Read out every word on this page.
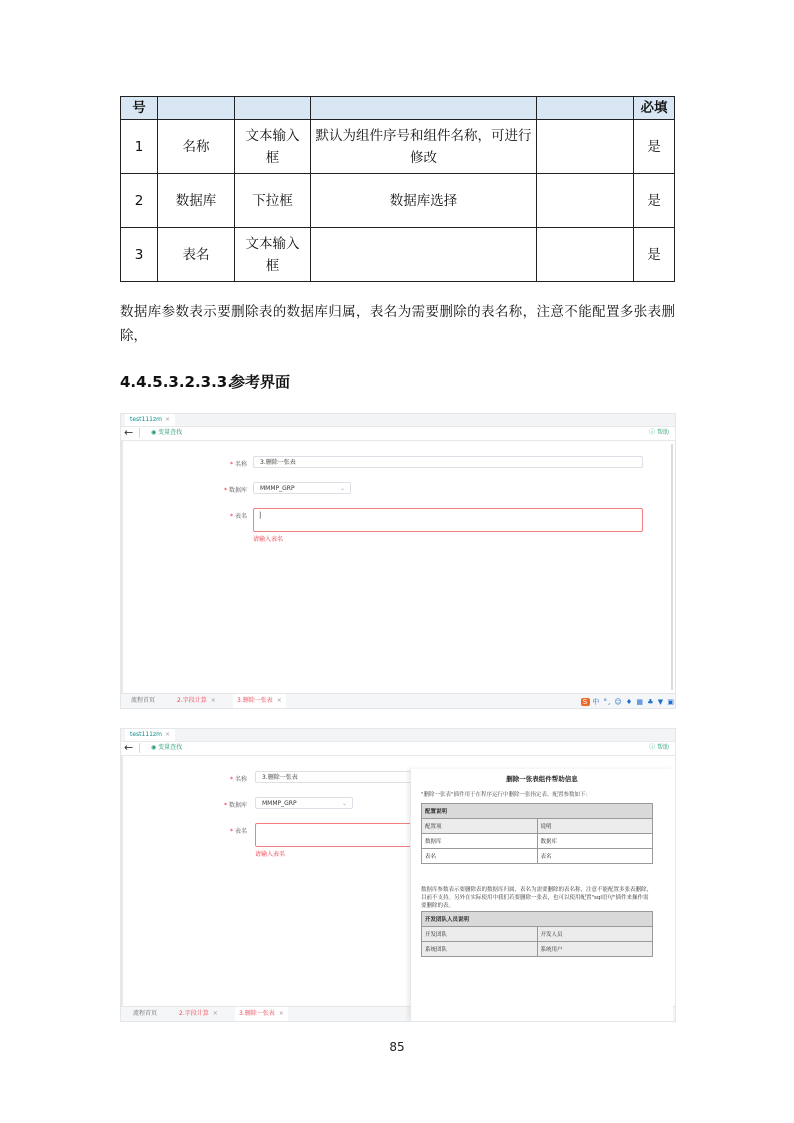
号					必填
1	名称	文本输入框	默认为组件序号和组件名称，可进行修改		是
2	数据库	下拉框	数据库选择		是
3	表名	文本输入框			是
数据库参数表示要删除表的数据库归属，表名为需要删除的表名称，注意不能配置多张表删除，
4.4.5.3.2.3.3.参考界面
test111zm ×
←	◉ 变量查找	ⓘ 帮助
* 名称	3.删除一张表
* 数据库	MMMP_GRP	⌄
* 表名	|
请输入表名
流程首页	2.字段计算 ×	3.删除一张表 ×	S 中 °, ☺ ♦ ▦ ♣ ▼ ▣
test111zm ×
←	◉ 变量查找	ⓘ 帮助
* 名称	3.删除一张表
* 数据库	MMMP_GRP	⌄
* 表名
请输入表名
流程首页	2.字段计算 ×	3.删除一张表 ×
删除一张表组件帮助信息
"删除一张表"插件用于在程序运行中删除一张指定表。配置参数如下：
配置说明	
配置项	说明
数据库	数据库
表名	表名
数据库参数表示要删除表的数据库归属，表名为需要删除的表名称，注意不能配置多张表删除，目前不支持。另外在实际使用中我们若要删除一张表，也可以使用配置"sql语句"插件来操作需要删除的表。
开发团队人员说明	
开发团队	开发人员
系统团队	系统用户
85
